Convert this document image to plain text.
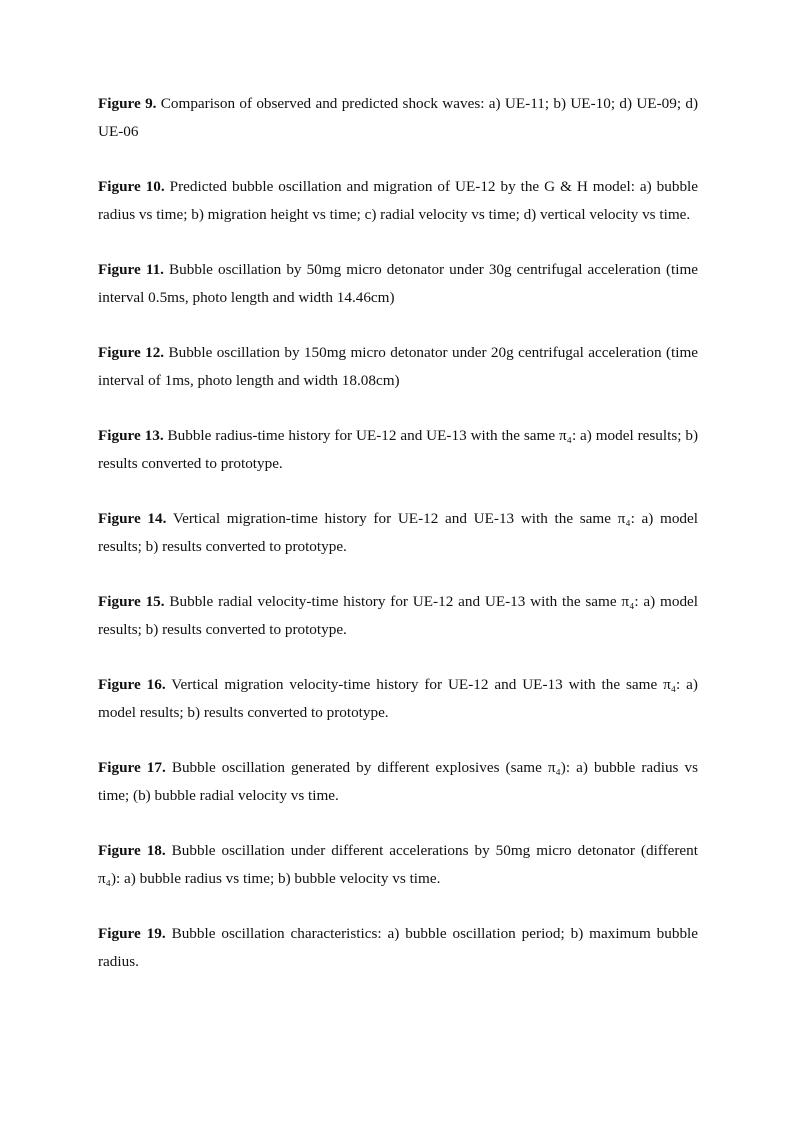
Figure 9. Comparison of observed and predicted shock waves: a) UE-11; b) UE-10; d) UE-09; d) UE-06

Figure 10. Predicted bubble oscillation and migration of UE-12 by the G & H model: a) bubble radius vs time; b) migration height vs time; c) radial velocity vs time; d) vertical velocity vs time.

Figure 11. Bubble oscillation by 50mg micro detonator under 30g centrifugal acceleration (time interval 0.5ms, photo length and width 14.46cm)

Figure 12. Bubble oscillation by 150mg micro detonator under 20g centrifugal acceleration (time interval of 1ms, photo length and width 18.08cm)

Figure 13. Bubble radius-time history for UE-12 and UE-13 with the same π₄: a) model results; b) results converted to prototype.

Figure 14. Vertical migration-time history for UE-12 and UE-13 with the same π₄: a) model results; b) results converted to prototype.

Figure 15. Bubble radial velocity-time history for UE-12 and UE-13 with the same π₄: a) model results; b) results converted to prototype.

Figure 16. Vertical migration velocity-time history for UE-12 and UE-13 with the same π₄: a) model results; b) results converted to prototype.

Figure 17. Bubble oscillation generated by different explosives (same π₄): a) bubble radius vs time; (b) bubble radial velocity vs time.

Figure 18. Bubble oscillation under different accelerations by 50mg micro detonator (different π₄): a) bubble radius vs time; b) bubble velocity vs time.

Figure 19. Bubble oscillation characteristics: a) bubble oscillation period; b) maximum bubble radius.
